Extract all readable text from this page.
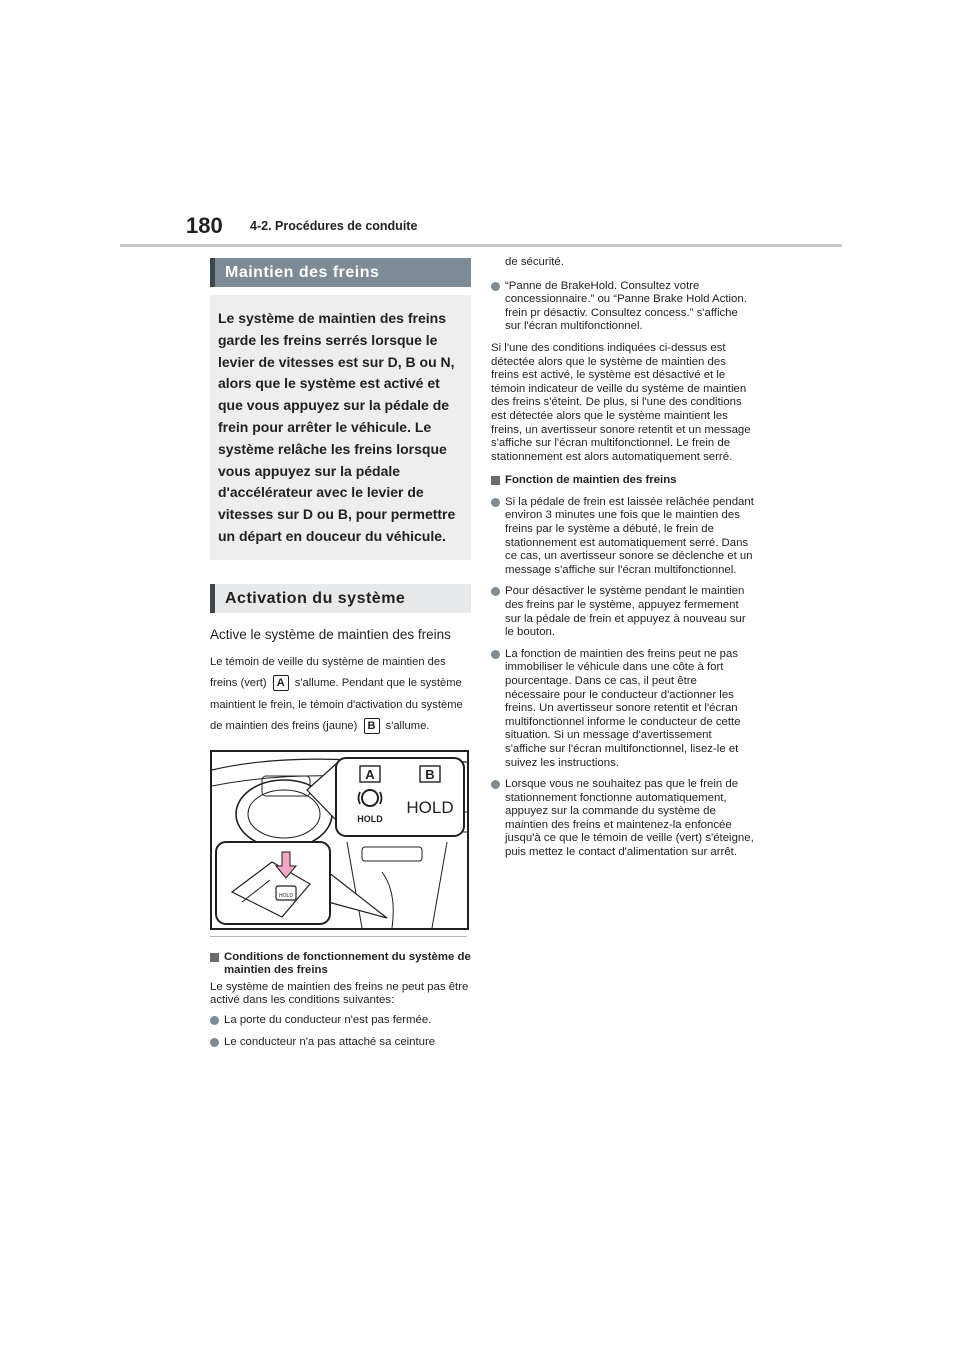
180 4-2. Procédures de conduite
Maintien des freins
Le système de maintien des freins garde les freins serrés lorsque le levier de vitesses est sur D, B ou N, alors que le système est activé et que vous appuyez sur la pédale de frein pour arrêter le véhicule. Le système relâche les freins lorsque vous appuyez sur la pédale d'accélérateur avec le levier de vitesses sur D ou B, pour permettre un départ en douceur du véhicule.
Activation du système
Active le système de maintien des freins

Le témoin de veille du système de maintien des freins (vert) A s'allume. Pendant que le système maintient le frein, le témoin d'activation du système de maintien des freins (jaune) B s'allume.

A	B
HOLD
HOLD
HOLD
Conditions de fonctionnement du système de maintien des freins

Le système de maintien des freins ne peut pas être activé dans les conditions suivantes:

La porte du conducteur n'est pas fermée.
Le conducteur n'a pas attaché sa ceinture
de sécurité.
“Panne de BrakeHold. Consultez votre concessionnaire.” ou “Panne Brake Hold Action. frein pr désactiv. Consultez concess.” s'affiche sur l'écran multifonctionnel.

Si l'une des conditions indiquées ci-dessus est détectée alors que le système de maintien des freins est activé, le système est désactivé et le témoin indicateur de veille du système de maintien des freins s'éteint. De plus, si l'une des conditions est détectée alors que le système maintient les freins, un avertisseur sonore retentit et un message s'affiche sur l'écran multifonctionnel. Le frein de stationnement est alors automatiquement serré.

Fonction de maintien des freins
Si la pédale de frein est laissée relâchée pendant environ 3 minutes une fois que le maintien des freins par le système a débuté, le frein de stationnement est automatiquement serré. Dans ce cas, un avertisseur sonore se déclenche et un message s'affiche sur l'écran multifonctionnel.
Pour désactiver le système pendant le maintien des freins par le système, appuyez fermement sur la pédale de frein et appuyez à nouveau sur le bouton.
La fonction de maintien des freins peut ne pas immobiliser le véhicule dans une côte à fort pourcentage. Dans ce cas, il peut être nécessaire pour le conducteur d'actionner les freins. Un avertisseur sonore retentit et l'écran multifonctionnel informe le conducteur de cette situation. Si un message d'avertissement s'affiche sur l'écran multifonctionnel, lisez-le et suivez les instructions.
Lorsque vous ne souhaitez pas que le frein de stationnement fonctionne automatiquement, appuyez sur la commande du système de maintien des freins et maintenez-la enfoncée jusqu'à ce que le témoin de veille (vert) s'éteigne, puis mettez le contact d'alimentation sur arrêt.
